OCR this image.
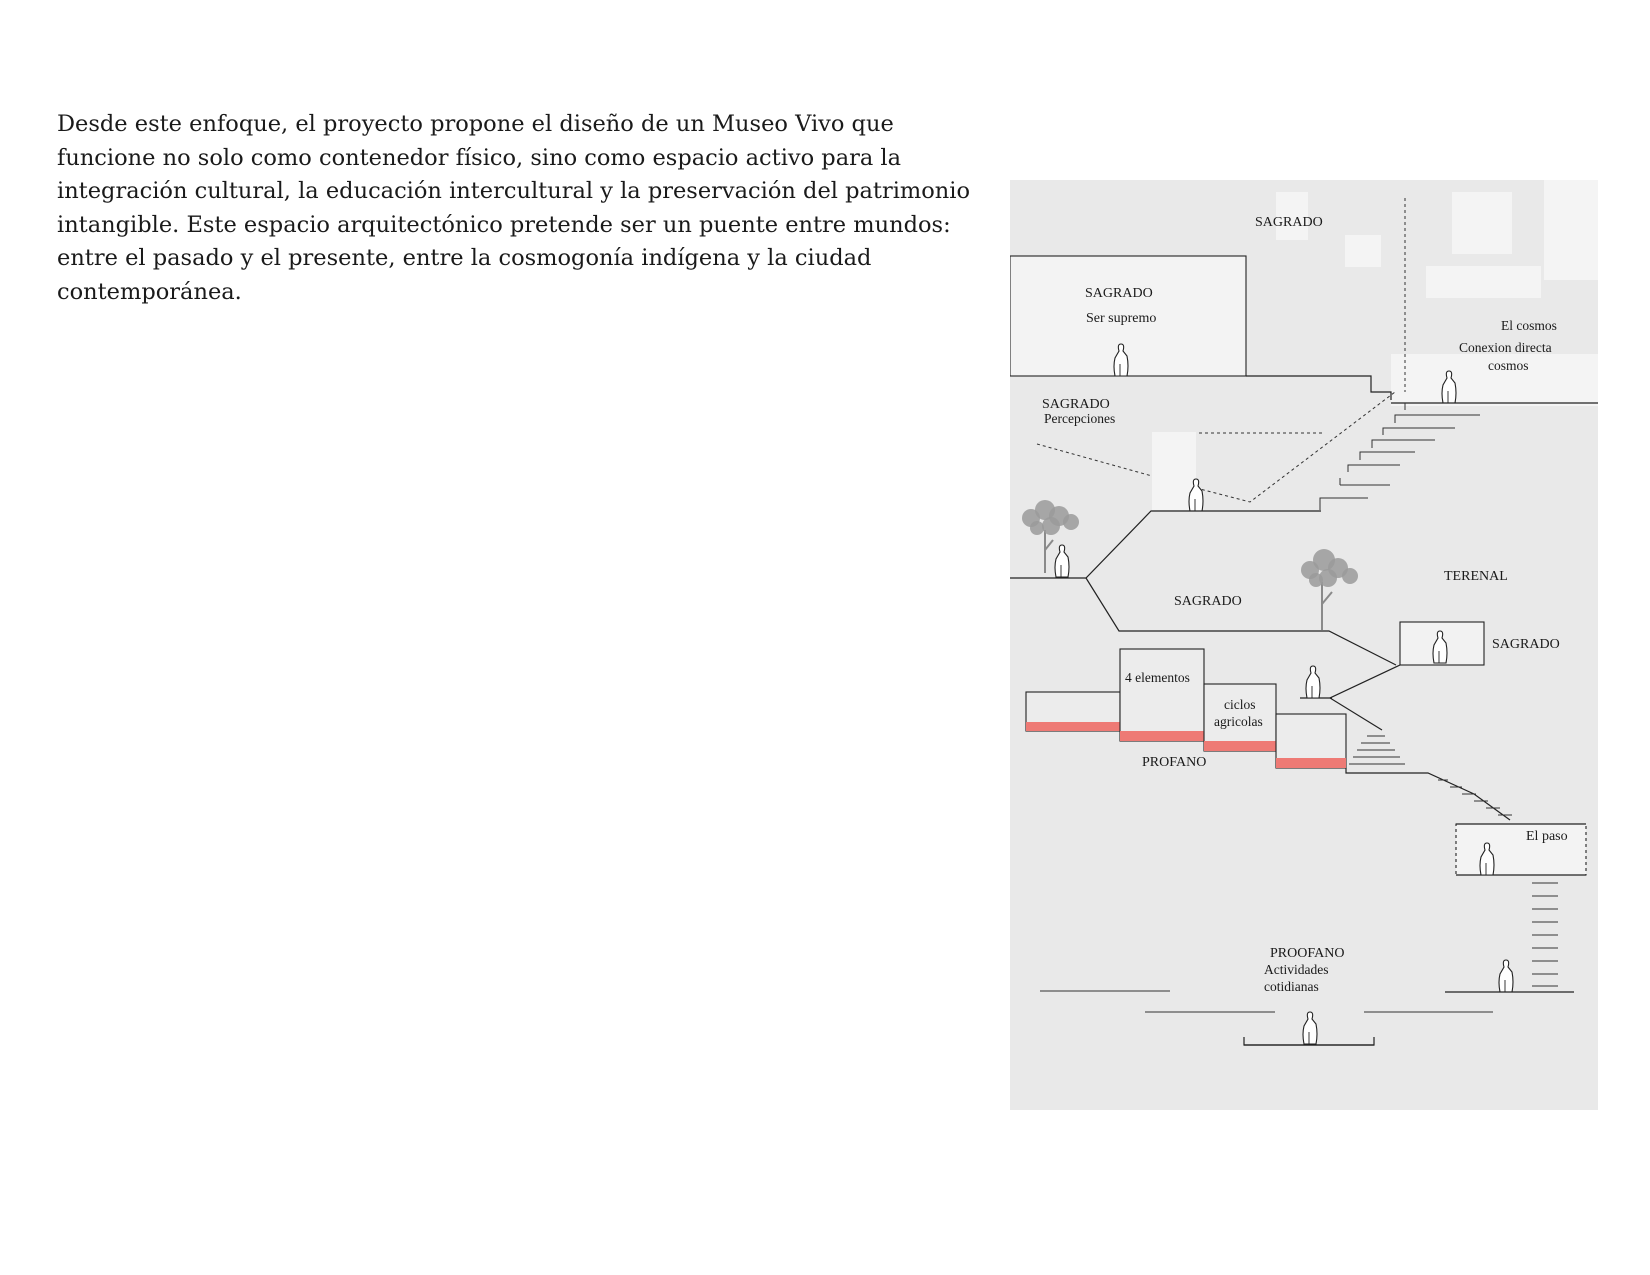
Desde este enfoque, el proyecto propone el diseño de un Museo Vivo que
funcione no solo como contenedor físico, sino como espacio activo para la
integración cultural, la educación intercultural y la preservación del patrimonio
intangible. Este espacio arquitectónico pretende ser un puente entre mundos:
entre el pasado y el presente, entre la cosmogonía indígena y la ciudad
contemporánea.
SAGRADO
SAGRADO
Ser supremo	El cosmos
Conexion directa
cosmos
SAGRADO
Percepciones
SAGRADO
TERENAL
SAGRADO
4 elementos
ciclos
agricolas
PROFANO
El paso
PROOFANO
Actividades
cotidianas
